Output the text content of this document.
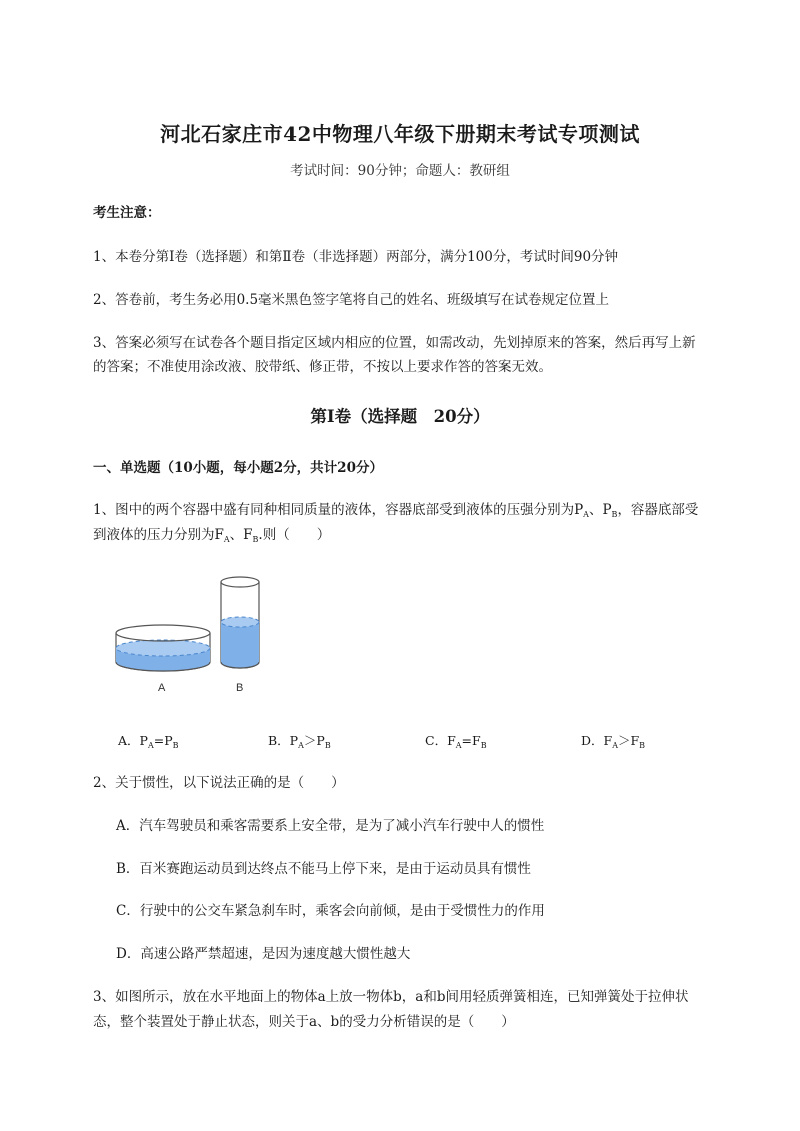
河北石家庄市42中物理八年级下册期末考试专项测试
考试时间：90分钟；命题人：教研组
考生注意：
1、本卷分第I卷（选择题）和第Ⅱ卷（非选择题）两部分，满分100分，考试时间90分钟
2、答卷前，考生务必用0.5毫米黑色签字笔将自己的姓名、班级填写在试卷规定位置上
3、答案必须写在试卷各个题目指定区域内相应的位置，如需改动，先划掉原来的答案，然后再写上新
的答案；不准使用涂改液、胶带纸、修正带，不按以上要求作答的答案无效。
第I卷（选择题　20分）
一、单选题（10小题，每小题2分，共计20分）
1、图中的两个容器中盛有同种相同质量的液体，容器底部受到液体的压强分别为$P_A$、$P_B$，容器底部受
到液体的压力分别为$F_A$、$F_B$.则（　　）
A	B
A．$P_A=P_B$	B．$P_A>P_B$	C．$F_A=F_B$	D．$F_A>F_B$
2、关于惯性，以下说法正确的是（　　）
A．汽车驾驶员和乘客需要系上安全带，是为了减小汽车行驶中人的惯性
B．百米赛跑运动员到达终点不能马上停下来，是由于运动员具有惯性
C．行驶中的公交车紧急刹车时，乘客会向前倾，是由于受惯性力的作用
D．高速公路严禁超速，是因为速度越大惯性越大
3、如图所示，放在水平地面上的物体a上放一物体b，a和b间用轻质弹簧相连，已知弹簧处于拉伸状
态，整个装置处于静止状态，则关于a、b的受力分析错误的是（　　）
